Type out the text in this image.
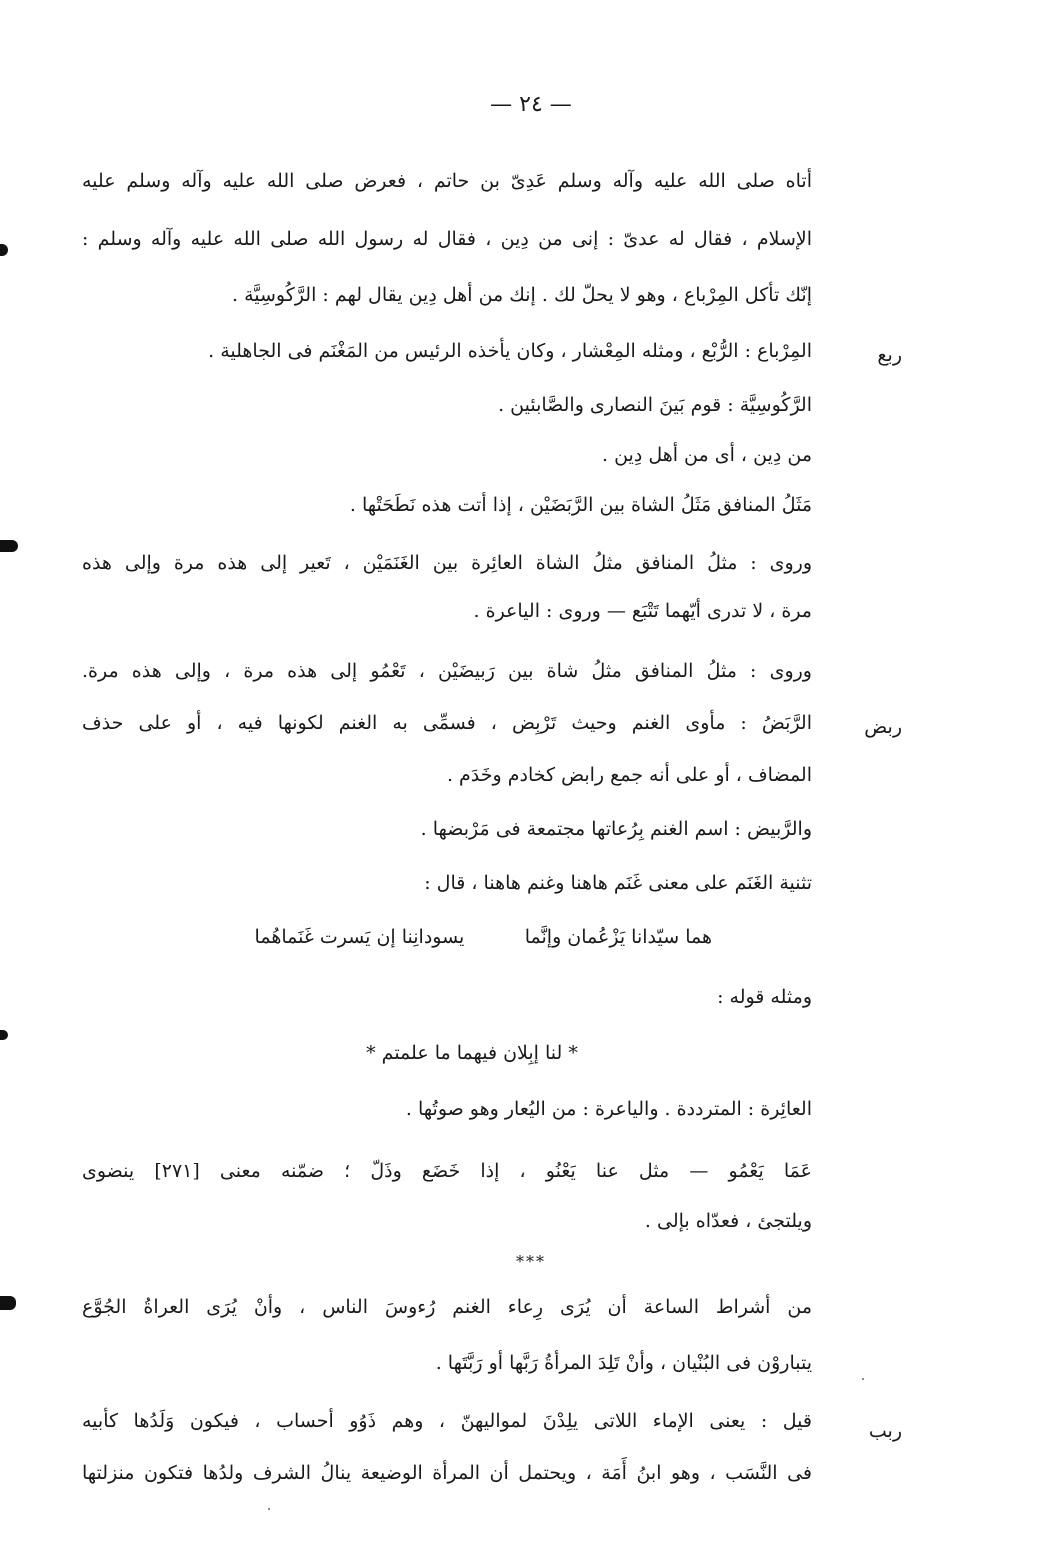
— ٢٤ —
ربع
ربض
ربب
أتاه صلى الله عليه وآله وسلم عَدِىّ بن حاتم ، فعرض صلى الله عليه وآله وسلم عليه
الإسلام ، فقال له عدىّ : إنى من دِين ، فقال له رسول الله صلى الله عليه وآله وسلم :
إنّك تأكل المِرْباع ، وهو لا يحلّ لك . إنك من أهل دِين يقال لهم : الرَّكُوسِيَّة .
المِرْباع : الرُّبْع ، ومثله المِعْشار ، وكان يأخذه الرئيس من المَغْنَم فى الجاهلية .
الرَّكُوسِيَّة : قوم بَينَ النصارى والصَّابئين .
من دِين ، أى من أهل دِين .
مَثَلُ المنافق مَثَلُ الشاة بين الرَّبَضَيْن ، إذا أتت هذه نَطَحَتْها .
وروى : مثلُ المنافق مثلُ الشاة العائِرة بين الغَنَمَيْن ، تَعير إلى هذه مرة وإلى هذه
مرة ، لا تدرى أيّهما تَتْبَع — وروى : الياعرة .
وروى : مثلُ المنافق مثلُ شاة بين رَبيضَيْن ، تَعْمُو إلى هذه مرة ، وإلى هذه مرة.
الرَّبَضُ : مأوى الغنم وحيث تَرْبِض ، فسمِّى به الغنم لكونها فيه ، أو على حذف
المضاف ، أو على أنه جمع رابض كخادم وخَدَم .
والرَّبيض : اسم الغنم بِرُعاتها مجتمعة فى مَرْبضها .
تثنية الغَنَم على معنى غَنَم هاهنا وغنم هاهنا ، قال :
هما سيّدانا يَزْعُمان وإنَّما          يسودانِنا إن يَسرت غَنَماهُما
ومثله قوله :
* لنا إبِلان فيهما ما علمتم *
العائِرة : المترددة . والياعرة : من اليُعار وهو صوتُها .
عَمَا يَعْمُو — مثل عنا يَعْنُو ، إذا خَضَع وذَلّ ؛ ضمّنه معنى [٢٧١] ينضوى
ويلتجئ ، فعدّاه بإلى .
***
من أشراط الساعة أن يُرَى رِعاء الغنم رُءوسَ الناس ، وأنْ يُرَى العراةُ الجُوَّع
يتباروْن فى البُنْيان ، وأنْ تَلِدَ المرأةُ رَبَّها أو رَبَّتَها .
قيل : يعنى الإماء اللاتى يلِدْنَ لمواليهنّ ، وهم ذَوُو أحساب ، فيكون وَلَدُها كأبيه
فى النَّسَب ، وهو ابنُ أَمَة ، ويحتمل أن المرأة الوضيعة ينالُ الشرف ولدُها فتكون منزلتها
